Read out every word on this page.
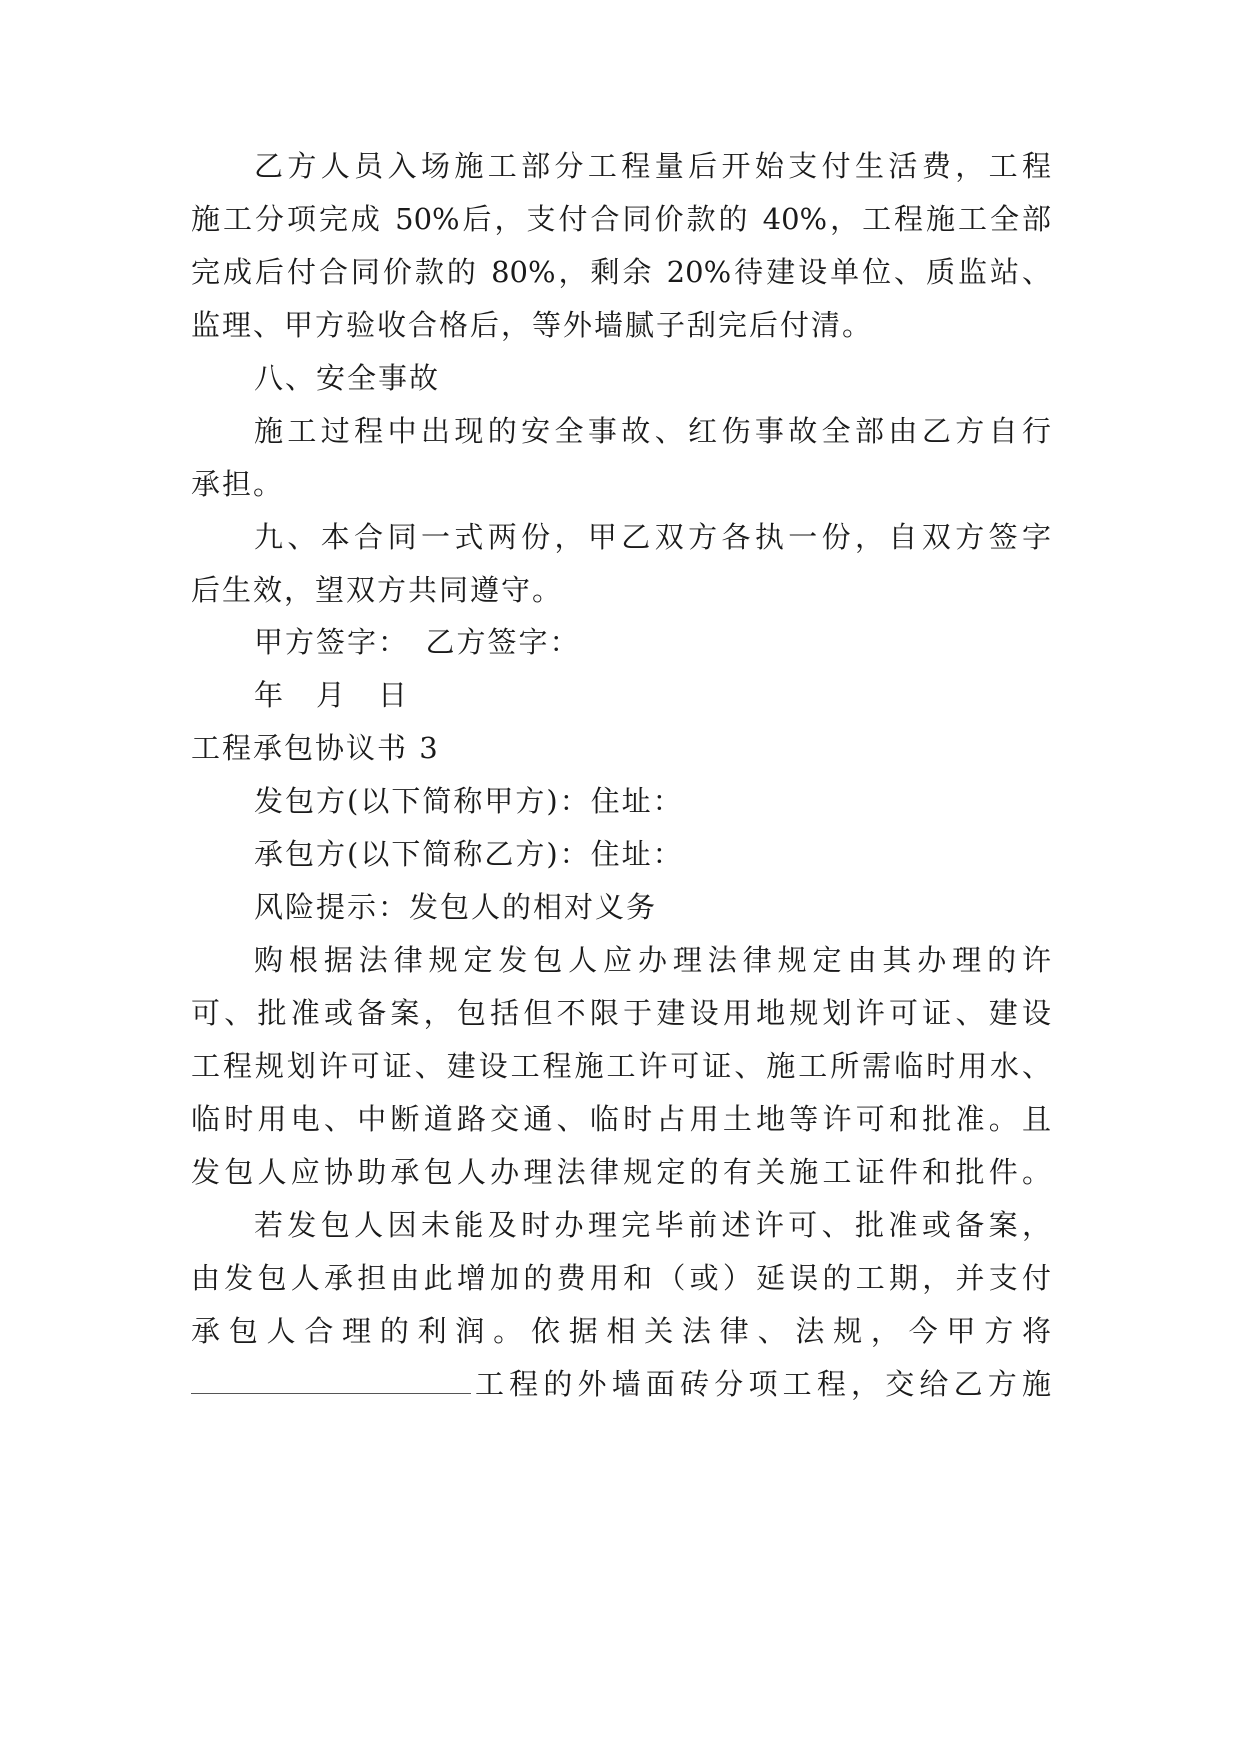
乙方人员入场施工部分工程量后开始支付生活费，工程
施工分项完成 50%后，支付合同价款的 40%，工程施工全部
完成后付合同价款的 80%，剩余 20%待建设单位、质监站、
监理、甲方验收合格后，等外墙腻子刮完后付清。
八、安全事故
施工过程中出现的安全事故、红伤事故全部由乙方自行
承担。
九、本合同一式两份，甲乙双方各执一份，自双方签字
后生效，望双方共同遵守。
甲方签字：　乙方签字：
年　月　日
工程承包协议书 3
发包方(以下简称甲方)：住址：
承包方(以下简称乙方)：住址：
风险提示：发包人的相对义务
购根据法律规定发包人应办理法律规定由其办理的许
可、批准或备案，包括但不限于建设用地规划许可证、建设
工程规划许可证、建设工程施工许可证、施工所需临时用水、
临时用电、中断道路交通、临时占用土地等许可和批准。且
发包人应协助承包人办理法律规定的有关施工证件和批件。
若发包人因未能及时办理完毕前述许可、批准或备案，
由发包人承担由此增加的费用和（或）延误的工期，并支付
承包人合理的利润。依据相关法律、法规，今甲方将
工程的外墙面砖分项工程，交给乙方施
